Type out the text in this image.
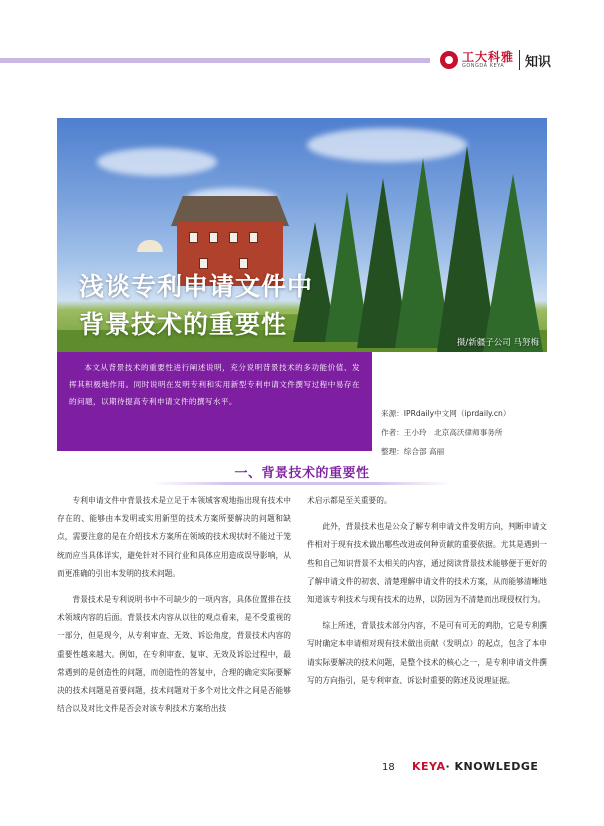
工大科雅
GONGDA KEYA	知识
浅谈专利申请文件中
背景技术的重要性
摄/新疆子公司 马努梅

本文从背景技术的重要性进行阐述说明，充分说明背景技术的多功能价值、发挥其积极地作用。同时说明在发明专利和实用新型专利申请文件撰写过程中易存在的问题，以期待提高专利申请文件的撰写水平。

来源：IPRdaily中文网（iprdaily.cn）
作者：王小玲　北京高沃律师事务所
整理：综合部 高丽
一、背景技术的重要性

专利申请文件中背景技术是立足于本领域客观地指出现有技术中存在的、能够由本发明或实用新型的技术方案所要解决的问题和缺点，需要注意的是在介绍技术方案所在领域的技术现状时不能过于笼统而应当具体详实，避免针对不同行业和具体应用造成误导影响，从而更准确的引出本发明的技术问题。

背景技术是专利说明书中不可缺少的一项内容，具体位置排在技术领域内容的后面。背景技术内容从以往的观点看来，是不受重视的一部分，但是现今，从专利审查、无效、诉讼角度，背景技术内容的重要性越来越大。例如，在专利审查、复审、无效及诉讼过程中，最常遇到的是创造性的问题，而创造性的答复中，合理的确定实际要解决的技术问题是首要问题，技术问题对于多个对比文件之间是否能够结合以及对比文件是否会对该专利技术方案给出技

术启示都是至关重要的。

此外，背景技术也是公众了解专利申请文件发明方向，判断申请文件相对于现有技术做出哪些改进或何种贡献的重要依据。尤其是遇到一些和自己知识背景不太相关的内容，通过阅读背景技术能够便于更好的了解申请文件的初衷、清楚理解申请文件的技术方案，从而能够清晰地知道该专利技术与现有技术的边界，以防因为不清楚而出现侵权行为。

综上所述，背景技术部分内容，不是可有可无的鸡肋，它是专利撰写时确定本申请相对现有技术做出贡献（发明点）的起点，包含了本申请实际要解决的技术问题，是整个技术的核心之一，是专利申请文件撰写的方向指引，是专利审查、诉讼时重要的陈述及说理证据。

18 KEYA· KNOWLEDGE
